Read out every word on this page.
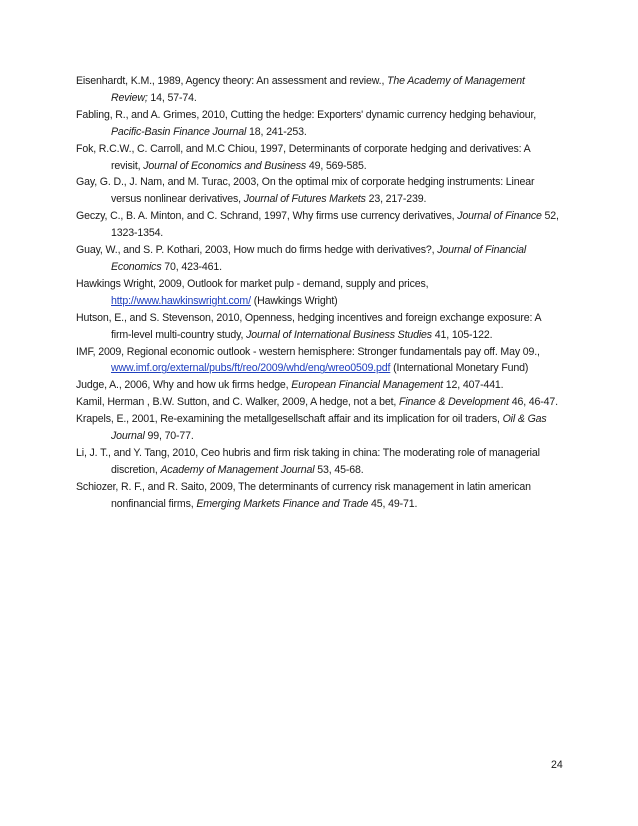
Eisenhardt, K.M., 1989, Agency theory: An assessment and review., The Academy of Management Review; 14, 57-74.

Fabling, R., and A. Grimes, 2010, Cutting the hedge: Exporters' dynamic currency hedging behaviour, Pacific-Basin Finance Journal 18, 241-253.

Fok, R.C.W., C. Carroll, and M.C Chiou, 1997, Determinants of corporate hedging and derivatives: A revisit, Journal of Economics and Business 49, 569-585.

Gay, G. D., J. Nam, and M. Turac, 2003, On the optimal mix of corporate hedging instruments: Linear versus nonlinear derivatives, Journal of Futures Markets 23, 217-239.

Geczy, C., B. A. Minton, and C. Schrand, 1997, Why firms use currency derivatives, Journal of Finance 52, 1323-1354.

Guay, W., and S. P. Kothari, 2003, How much do firms hedge with derivatives?, Journal of Financial Economics 70, 423-461.

Hawkings Wright, 2009, Outlook for market pulp - demand, supply and prices, http://www.hawkinswright.com/ (Hawkings Wright)

Hutson, E., and S. Stevenson, 2010, Openness, hedging incentives and foreign exchange exposure: A firm-level multi-country study, Journal of International Business Studies 41, 105-122.

IMF, 2009, Regional economic outlook - western hemisphere: Stronger fundamentals pay off. May 09., www.imf.org/external/pubs/ft/reo/2009/whd/eng/wreo0509.pdf (International Monetary Fund)

Judge, A., 2006, Why and how uk firms hedge, European Financial Management 12, 407-441.

Kamil, Herman , B.W. Sutton, and C. Walker, 2009, A hedge, not a bet, Finance & Development 46, 46-47.

Krapels, E., 2001, Re-examining the metallgesellschaft affair and its implication for oil traders, Oil & Gas Journal 99, 70-77.

Li, J. T., and Y. Tang, 2010, Ceo hubris and firm risk taking in china: The moderating role of managerial discretion, Academy of Management Journal 53, 45-68.

Schiozer, R. F., and R. Saito, 2009, The determinants of currency risk management in latin american nonfinancial firms, Emerging Markets Finance and Trade 45, 49-71.

24
